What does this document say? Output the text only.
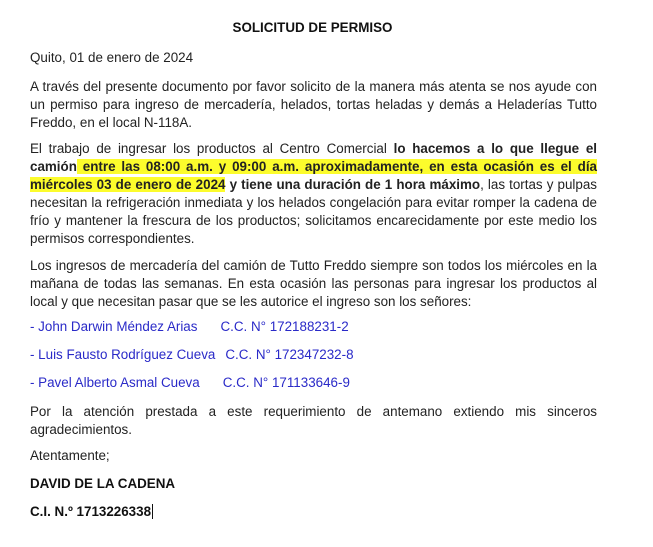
SOLICITUD DE PERMISO
Quito, 01 de enero de 2024
A través del presente documento por favor solicito de la manera más atenta se nos ayude con un permiso para ingreso de mercadería, helados, tortas heladas y demás a Heladerías Tutto Freddo, en el local N-118A.
El trabajo de ingresar los productos al Centro Comercial lo hacemos a lo que llegue el camión entre las 08:00 a.m. y 09:00 a.m. aproximadamente, en esta ocasión es el día miércoles 03 de enero de 2024 y tiene una duración de 1 hora máximo, las tortas y pulpas necesitan la refrigeración inmediata y los helados congelación para evitar romper la cadena de frío y mantener la frescura de los productos; solicitamos encarecidamente por este medio los permisos correspondientes.
Los ingresos de mercadería del camión de Tutto Freddo siempre son todos los miércoles en la mañana de todas las semanas. En esta ocasión las personas para ingresar los productos al local y que necesitan pasar que se les autorice el ingreso son los señores:
- John Darwin Méndez Arias C.C. N° 172188231-2
- Luis Fausto Rodríguez Cueva C.C. N° 172347232-8
- Pavel Alberto Asmal Cueva C.C. N° 171133646-9
Por la atención prestada a este requerimiento de antemano extiendo mis sinceros agradecimientos.
Atentamente;
DAVID DE LA CADENA
C.I. N.º 1713226338
